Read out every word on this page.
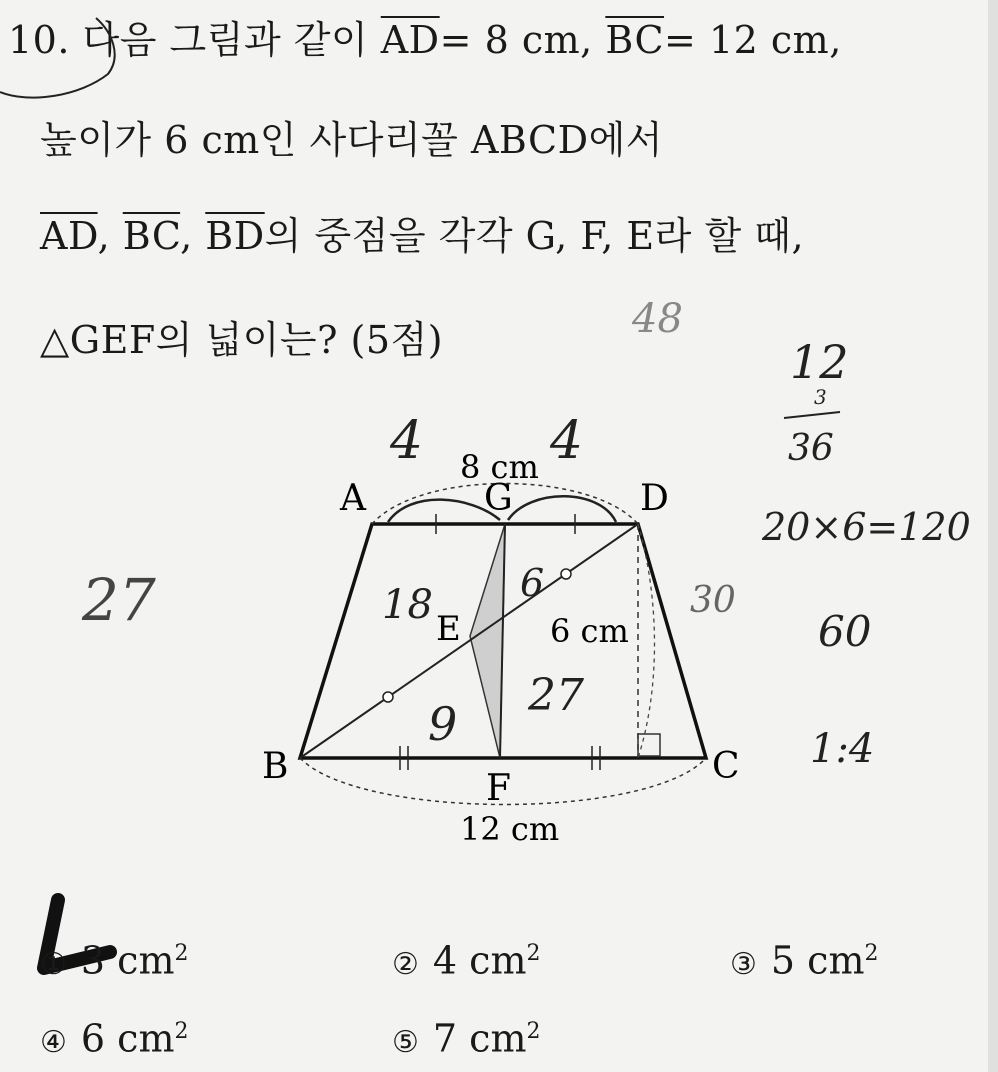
10. 다음 그림과 같이 $\overline{AD}= 8$ cm, $\overline{BC}= 12$ cm,
높이가 6 cm인 사다리꼴 ABCD에서
$\overline{AD}$, $\overline{BC}$, $\overline{BD}$의 중점을 각각 G, F, E라 할 때,
△GEF의 넓이는? (5점)
A	G	D
B
F
C
E
8 cm
12 cm
6 cm
4 4
18 6
9
27
27	30
48
12
3
36
20×6=120
60
1:4
① 3 $cm^2$	② 4 $cm^2$	③ 5 $cm^2$
④ 6 $cm^2$	⑤ 7 $cm^2$
